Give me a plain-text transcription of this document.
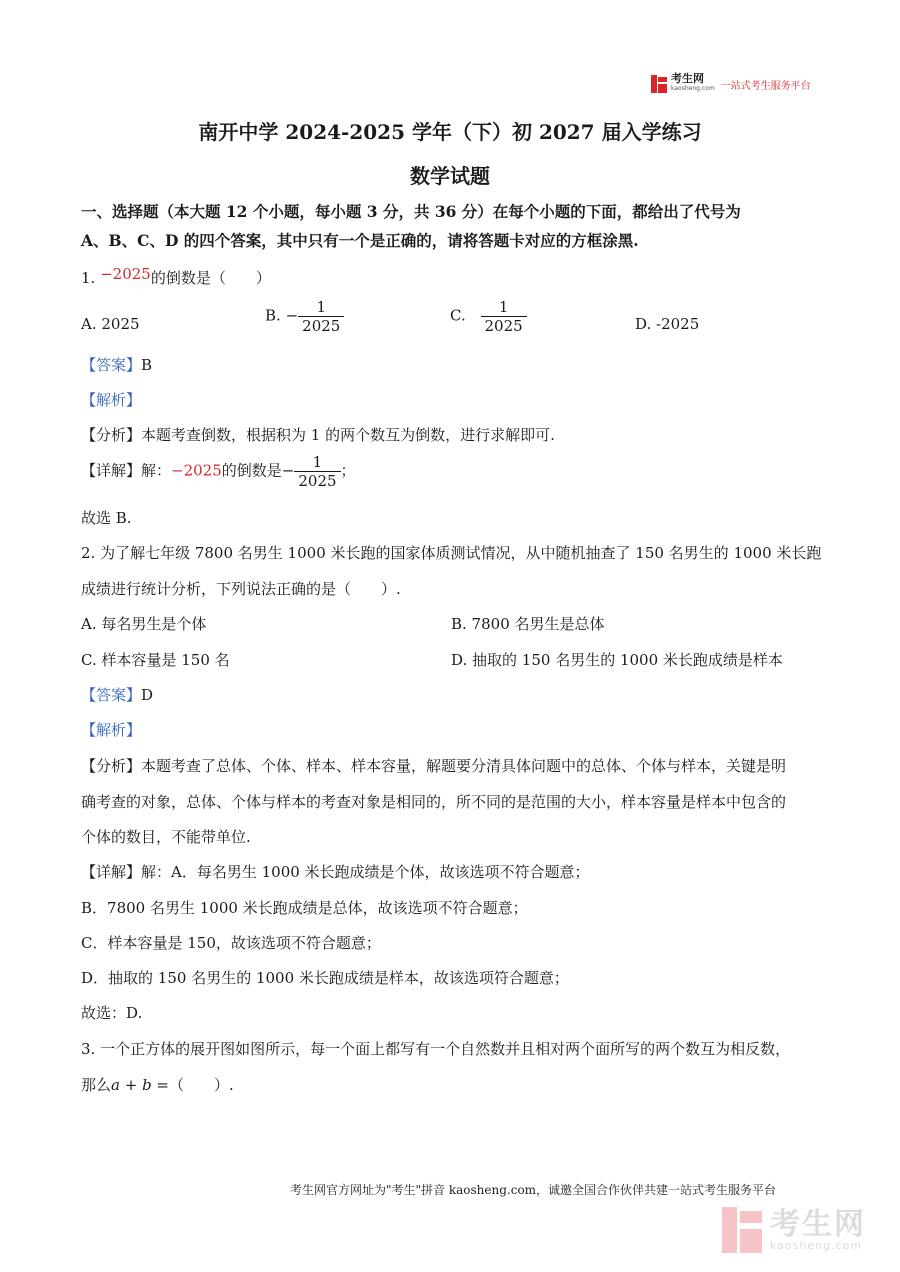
考生网
kaosheng.com 一站式考生服务平台
南开中学 2024-2025 学年（下）初 2027 届入学练习
数学试题
一、选择题（本大题 12 个小题，每小题 3 分，共 36 分）在每个小题的下面，都给出了代号为
A、B、C、D 的四个答案，其中只有一个是正确的，请将答题卡对应的方框涂黑.
1. −2025的倒数是（　　）
A. 2025	B. − $\frac{1}{2025}$	C. $\frac{1}{2025}$	D. -2025
【答案】B
【解析】
【分析】本题考查倒数，根据积为 1 的两个数互为倒数，进行求解即可.
【详解】解：−2025的倒数是− $\frac{1}{2025}$ ；
故选 B.
2. 为了解七年级 7800 名男生 1000 米长跑的国家体质测试情况，从中随机抽查了 150 名男生的 1000 米长跑
成绩进行统计分析，下列说法正确的是（　　）.
A. 每名男生是个体	B. 7800 名男生是总体
C. 样本容量是 150 名	D. 抽取的 150 名男生的 1000 米长跑成绩是样本
【答案】D
【解析】
【分析】本题考查了总体、个体、样本、样本容量，解题要分清具体问题中的总体、个体与样本，关键是明
确考查的对象，总体、个体与样本的考查对象是相同的，所不同的是范围的大小，样本容量是样本中包含的
个体的数目，不能带单位.
【详解】解：A．每名男生 1000 米长跑成绩是个体，故该选项不符合题意；
B．7800 名男生 1000 米长跑成绩是总体，故该选项不符合题意；
C．样本容量是 150，故该选项不符合题意；
D．抽取的 150 名男生的 1000 米长跑成绩是样本，故该选项符合题意；
故选：D.
3. 一个正方体的展开图如图所示，每一个面上都写有一个自然数并且相对两个面所写的两个数互为相反数，
那么a + b =（　　）.
考生网官方网址为"考生"拼音 kaosheng.com，诚邀全国合作伙伴共建一站式考生服务平台
考生网
kaosheng.com
